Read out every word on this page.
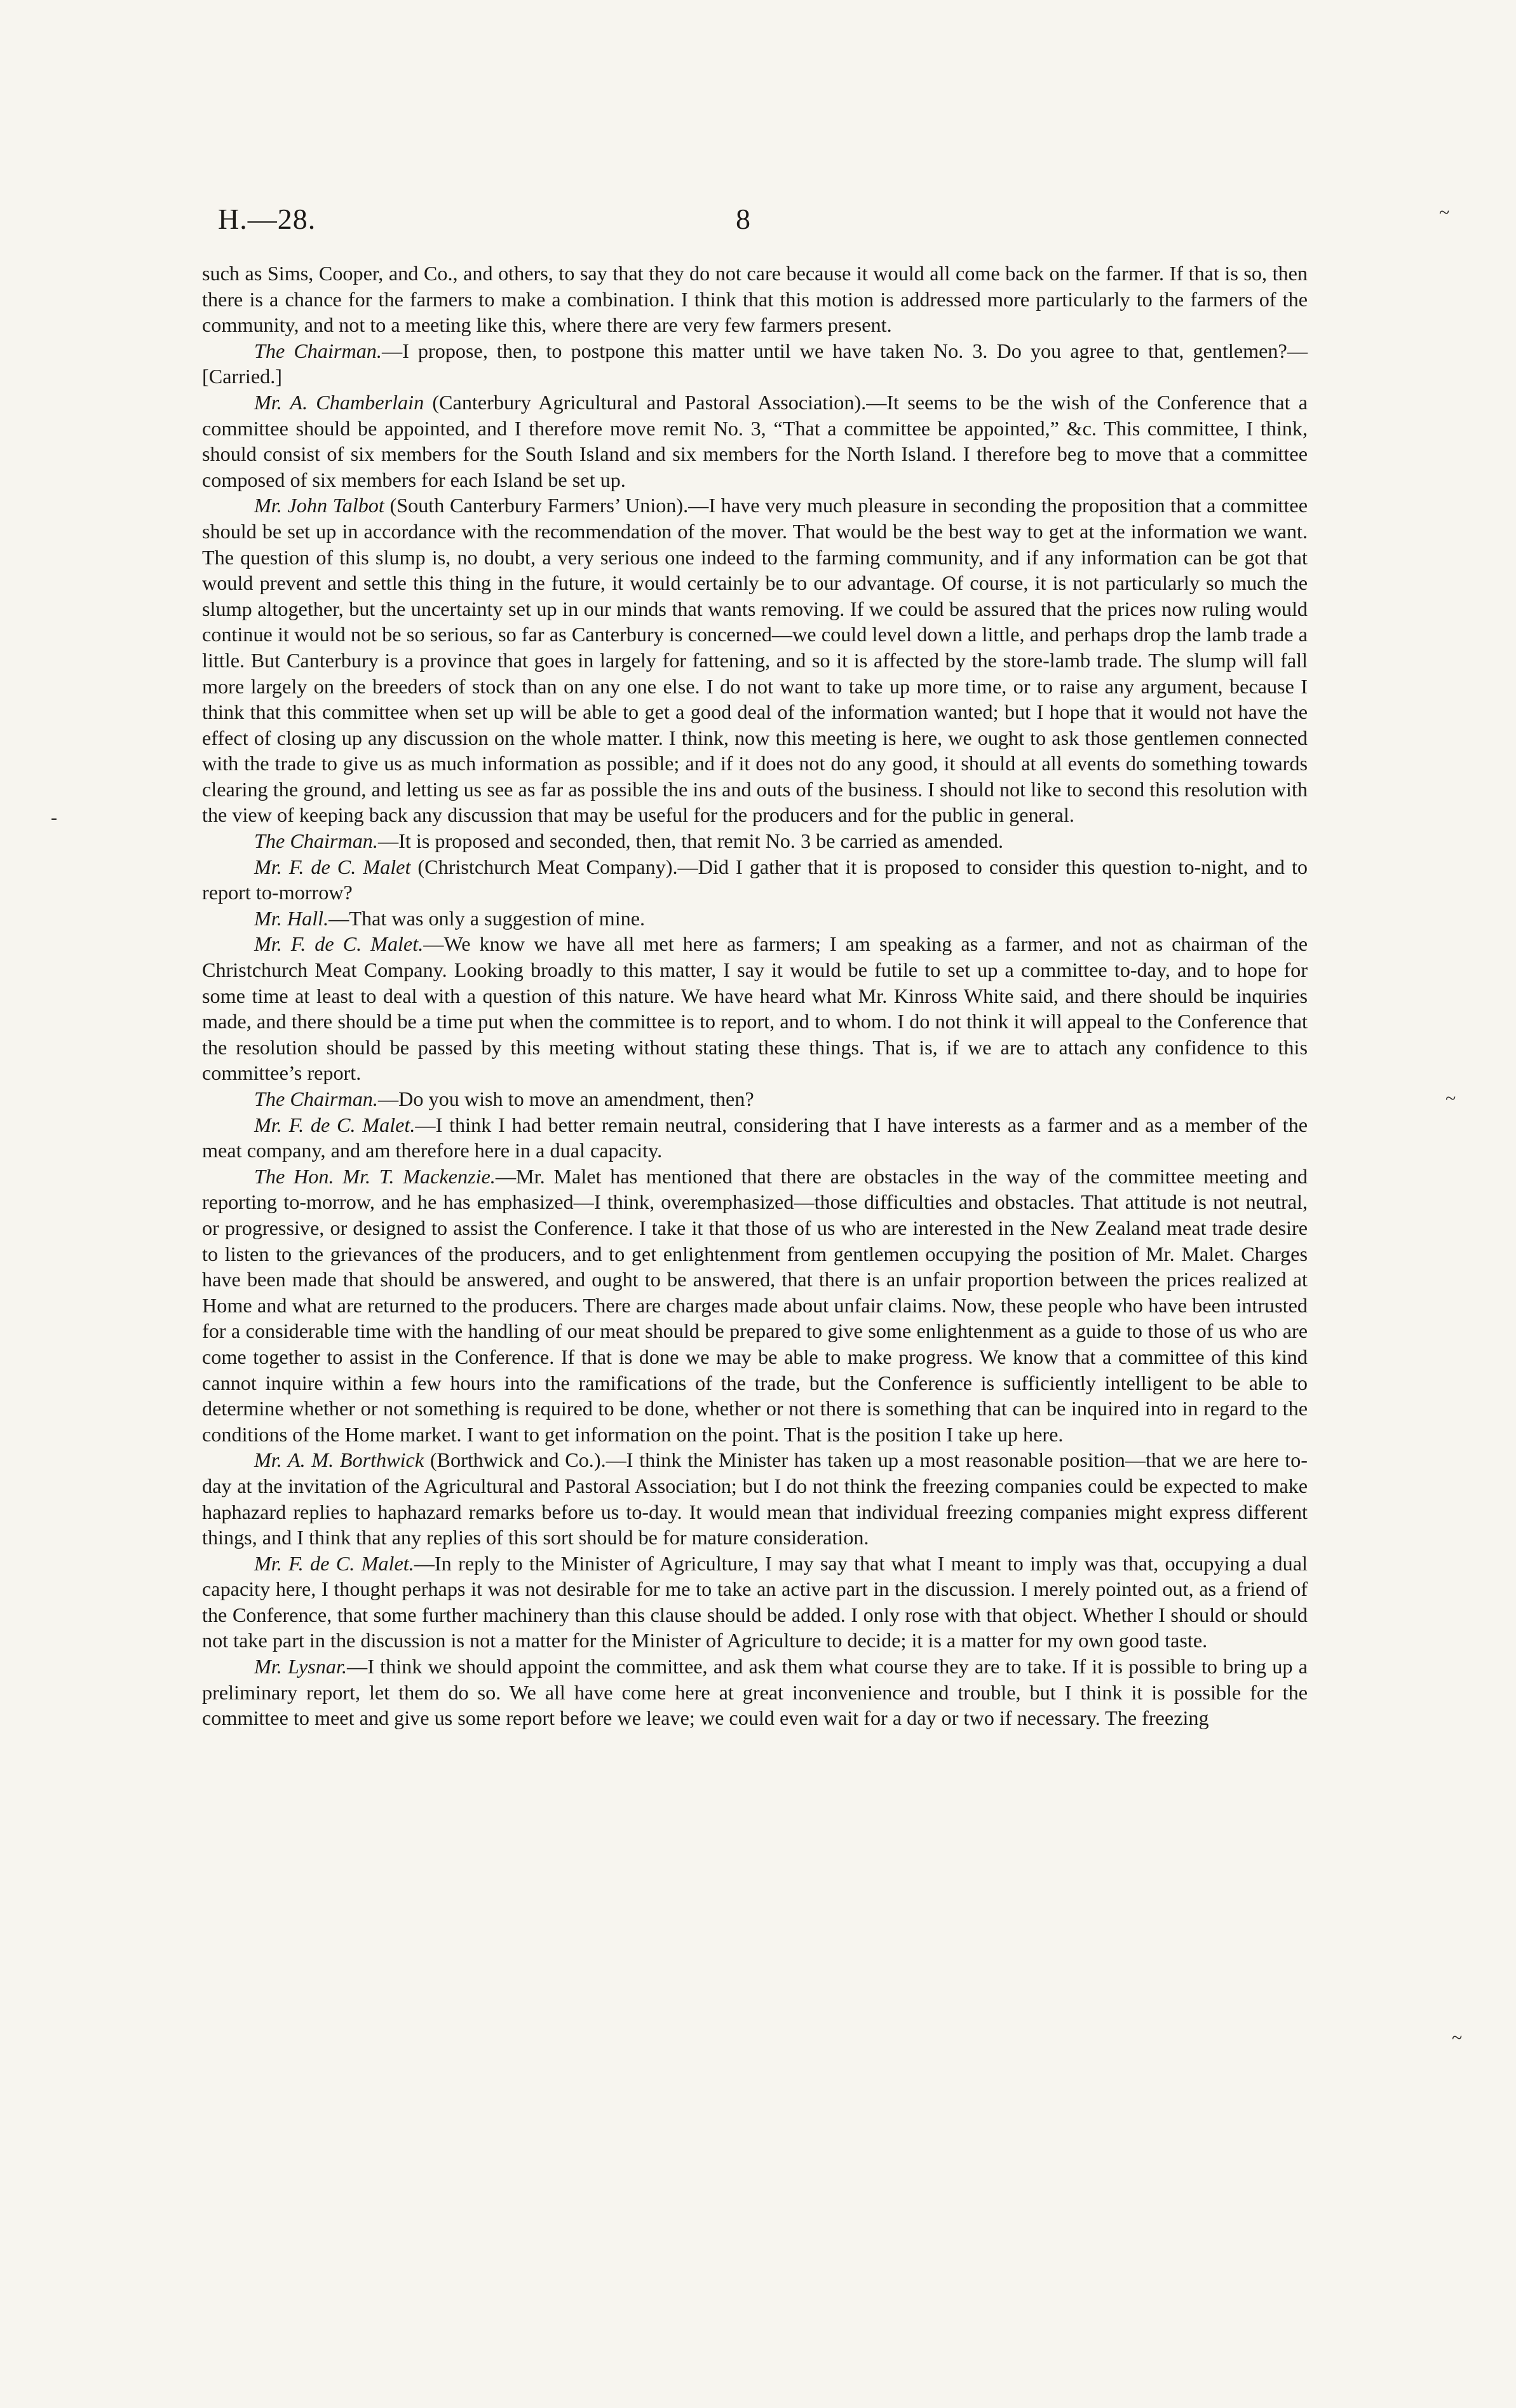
H.—28.	8	~
-
~
~

such as Sims, Cooper, and Co., and others, to say that they do not care because it would all come back on the farmer. If that is so, then there is a chance for the farmers to make a combination. I think that this motion is addressed more particularly to the farmers of the community, and not to a meeting like this, where there are very few farmers present.

The Chairman.—I propose, then, to postpone this matter until we have taken No. 3. Do you agree to that, gentlemen?—[Carried.]

Mr. A. Chamberlain (Canterbury Agricultural and Pastoral Association).—It seems to be the wish of the Conference that a committee should be appointed, and I therefore move remit No. 3, “That a committee be appointed,” &c. This committee, I think, should consist of six members for the South Island and six members for the North Island. I therefore beg to move that a committee composed of six members for each Island be set up.

Mr. John Talbot (South Canterbury Farmers’ Union).—I have very much pleasure in seconding the proposition that a committee should be set up in accordance with the recommendation of the mover. That would be the best way to get at the information we want. The question of this slump is, no doubt, a very serious one indeed to the farming community, and if any information can be got that would prevent and settle this thing in the future, it would certainly be to our advantage. Of course, it is not particularly so much the slump altogether, but the uncertainty set up in our minds that wants removing. If we could be assured that the prices now ruling would continue it would not be so serious, so far as Canterbury is concerned—we could level down a little, and perhaps drop the lamb trade a little. But Canterbury is a province that goes in largely for fattening, and so it is affected by the store-lamb trade. The slump will fall more largely on the breeders of stock than on any one else. I do not want to take up more time, or to raise any argument, because I think that this committee when set up will be able to get a good deal of the information wanted; but I hope that it would not have the effect of closing up any discussion on the whole matter. I think, now this meeting is here, we ought to ask those gentlemen connected with the trade to give us as much information as possible; and if it does not do any good, it should at all events do something towards clearing the ground, and letting us see as far as possible the ins and outs of the business. I should not like to second this resolution with the view of keeping back any discussion that may be useful for the producers and for the public in general.

The Chairman.—It is proposed and seconded, then, that remit No. 3 be carried as amended.

Mr. F. de C. Malet (Christchurch Meat Company).—Did I gather that it is proposed to consider this question to-night, and to report to-morrow?

Mr. Hall.—That was only a suggestion of mine.

Mr. F. de C. Malet.—We know we have all met here as farmers; I am speaking as a farmer, and not as chairman of the Christchurch Meat Company. Looking broadly to this matter, I say it would be futile to set up a committee to-day, and to hope for some time at least to deal with a question of this nature. We have heard what Mr. Kinross White said, and there should be inquiries made, and there should be a time put when the committee is to report, and to whom. I do not think it will appeal to the Conference that the resolution should be passed by this meeting without stating these things. That is, if we are to attach any confidence to this committee’s report.

The Chairman.—Do you wish to move an amendment, then?

Mr. F. de C. Malet.—I think I had better remain neutral, considering that I have interests as a farmer and as a member of the meat company, and am therefore here in a dual capacity.

The Hon. Mr. T. Mackenzie.—Mr. Malet has mentioned that there are obstacles in the way of the committee meeting and reporting to-morrow, and he has emphasized—I think, overemphasized—those difficulties and obstacles. That attitude is not neutral, or progressive, or designed to assist the Conference. I take it that those of us who are interested in the New Zealand meat trade desire to listen to the grievances of the producers, and to get enlightenment from gentlemen occupying the position of Mr. Malet. Charges have been made that should be answered, and ought to be answered, that there is an unfair proportion between the prices realized at Home and what are returned to the producers. There are charges made about unfair claims. Now, these people who have been intrusted for a considerable time with the handling of our meat should be prepared to give some enlightenment as a guide to those of us who are come together to assist in the Conference. If that is done we may be able to make progress. We know that a committee of this kind cannot inquire within a few hours into the ramifications of the trade, but the Conference is sufficiently intelligent to be able to determine whether or not something is required to be done, whether or not there is something that can be inquired into in regard to the conditions of the Home market. I want to get information on the point. That is the position I take up here.

Mr. A. M. Borthwick (Borthwick and Co.).—I think the Minister has taken up a most reasonable position—that we are here to-day at the invitation of the Agricultural and Pastoral Association; but I do not think the freezing companies could be expected to make haphazard replies to haphazard remarks before us to-day. It would mean that individual freezing companies might express different things, and I think that any replies of this sort should be for mature consideration.

Mr. F. de C. Malet.—In reply to the Minister of Agriculture, I may say that what I meant to imply was that, occupying a dual capacity here, I thought perhaps it was not desirable for me to take an active part in the discussion. I merely pointed out, as a friend of the Conference, that some further machinery than this clause should be added. I only rose with that object. Whether I should or should not take part in the discussion is not a matter for the Minister of Agriculture to decide; it is a matter for my own good taste.

Mr. Lysnar.—I think we should appoint the committee, and ask them what course they are to take. If it is possible to bring up a preliminary report, let them do so. We all have come here at great inconvenience and trouble, but I think it is possible for the committee to meet and give us some report before we leave; we could even wait for a day or two if necessary. The freezing
